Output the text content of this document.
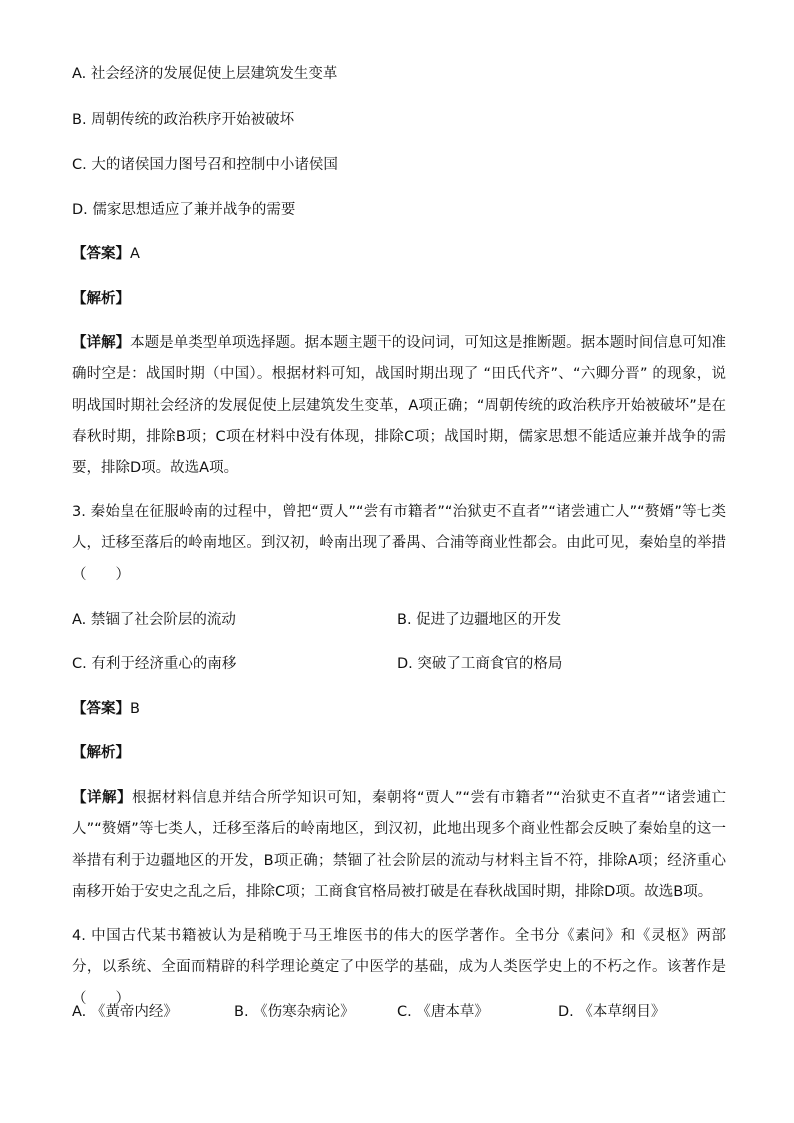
A. 社会经济的发展促使上层建筑发生变革
B. 周朝传统的政治秩序开始被破坏
C. 大的诸侯国力图号召和控制中小诸侯国
D. 儒家思想适应了兼并战争的需要
【答案】A
【解析】
【详解】本题是单类型单项选择题。据本题主题干的设问词，可知这是推断题。据本题时间信息可知准确时空是：战国时期（中国）。根据材料可知，战国时期出现了 “田氏代齐”、“六卿分晋” 的现象，说明战国时期社会经济的发展促使上层建筑发生变革，A项正确；“周朝传统的政治秩序开始被破坏”是在春秋时期，排除B项；C项在材料中没有体现，排除C项；战国时期，儒家思想不能适应兼并战争的需要，排除D项。故选A项。
3. 秦始皇在征服岭南的过程中，曾把“贾人”“尝有市籍者”“治狱吏不直者”“诸尝逋亡人”“赘婿”等七类人，迁移至落后的岭南地区。到汉初，岭南出现了番禺、合浦等商业性都会。由此可见，秦始皇的举措（　　）
A. 禁锢了社会阶层的流动	B. 促进了边疆地区的开发
C. 有利于经济重心的南移	D. 突破了工商食官的格局
【答案】B
【解析】
【详解】根据材料信息并结合所学知识可知，秦朝将“贾人”“尝有市籍者”“治狱吏不直者”“诸尝逋亡人”“赘婿”等七类人，迁移至落后的岭南地区，到汉初，此地出现多个商业性都会反映了秦始皇的这一举措有利于边疆地区的开发，B项正确；禁锢了社会阶层的流动与材料主旨不符，排除A项；经济重心南移开始于安史之乱之后，排除C项；工商食官格局被打破是在春秋战国时期，排除D项。故选B项。
4. 中国古代某书籍被认为是稍晚于马王堆医书的伟大的医学著作。全书分《素问》和《灵枢》两部分，以系统、全面而精辟的科学理论奠定了中医学的基础，成为人类医学史上的不朽之作。该著作是（　　）
A. 《黄帝内经》	B. 《伤寒杂病论》	C. 《唐本草》	D. 《本草纲目》
